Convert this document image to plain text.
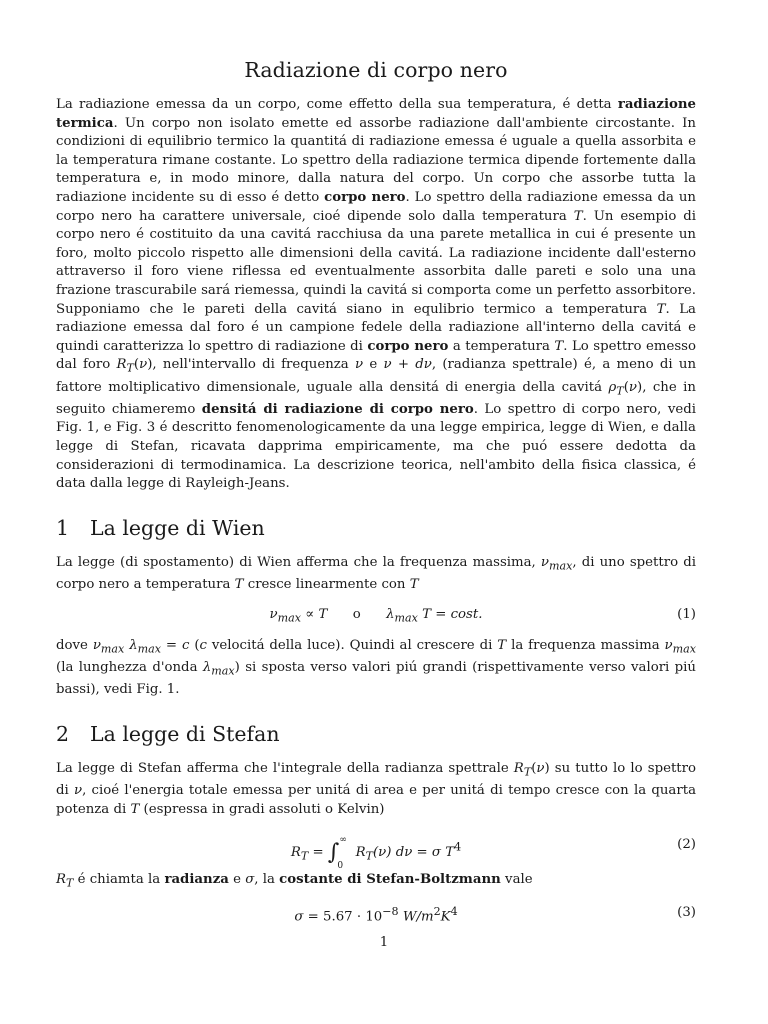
Radiazione di corpo nero

La radiazione emessa da un corpo, come effetto della sua temperatura, é detta radiazione termica. Un corpo non isolato emette ed assorbe radiazione dall'ambiente circostante. In condizioni di equilibrio termico la quantitá di radiazione emessa é uguale a quella assorbita e la temperatura rimane costante. Lo spettro della radiazione termica dipende fortemente dalla temperatura e, in modo minore, dalla natura del corpo. Un corpo che assorbe tutta la radiazione incidente su di esso é detto corpo nero. Lo spettro della radiazione emessa da un corpo nero ha carattere universale, cioé dipende solo dalla temperatura T. Un esempio di corpo nero é costituito da una cavitá racchiusa da una parete metallica in cui é presente un foro, molto piccolo rispetto alle dimensioni della cavitá. La radiazione incidente dall'esterno attraverso il foro viene riflessa ed eventualmente assorbita dalle pareti e solo una una frazione trascurabile sará riemessa, quindi la cavitá si comporta come un perfetto assorbitore. Supponiamo che le pareti della cavitá siano in equlibrio termico a temperatura T. La radiazione emessa dal foro é un campione fedele della radiazione all'interno della cavitá e quindi caratterizza lo spettro di radiazione di corpo nero a temperatura T. Lo spettro emesso dal foro $R_T(\nu)$, nell'intervallo di frequenza ν e ν + dν, (radianza spettrale) é, a meno di un fattore moltiplicativo dimensionale, uguale alla densitá di energia della cavitá $\rho_T(\nu)$, che in seguito chiameremo densitá di radiazione di corpo nero. Lo spettro di corpo nero, vedi Fig. 1, e Fig. 3 é descritto fenomenologicamente da una legge empirica, legge di Wien, e dalla legge di Stefan, ricavata dapprima empiricamente, ma che puó essere dedotta da considerazioni di termodinamica. La descrizione teorica, nell'ambito della fisica classica, é data dalla legge di Rayleigh-Jeans.

1	La legge di Wien

La legge (di spostamento) di Wien afferma che la frequenza massima, $\nu_{max}$, di uno spettro di corpo nero a temperatura T cresce linearmente con T

$\nu_{max} \propto T$ o $\lambda_{max}$ T = cost.	(1)

dove $\nu_{max}$ $\lambda_{max} = c$ (c velocitá della luce). Quindi al crescere di T la frequenza massima $\nu_{max}$ (la lunghezza d'onda $\lambda_{max}$) si sposta verso valori piú grandi (rispettivamente verso valori piú bassi), vedi Fig. 1.

2	La legge di Stefan

La legge di Stefan afferma che l'integrale della radianza spettrale $R_T(\nu)$ su tutto lo lo spettro di ν, cioé l'energia totale emessa per unitá di area e per unitá di tempo cresce con la quarta potenza di T (espressa in gradi assoluti o Kelvin)

$R_T$ = ∫
∞
0
$R_T(\nu) d\nu = \sigma$ $T^4$	(2)

$R_T$ é chiamta la radianza e σ, la costante di Stefan-Boltzmann vale

$\sigma = 5.67 \cdot 10^{-8}$ $W/m^2K^4$	(3)
1
